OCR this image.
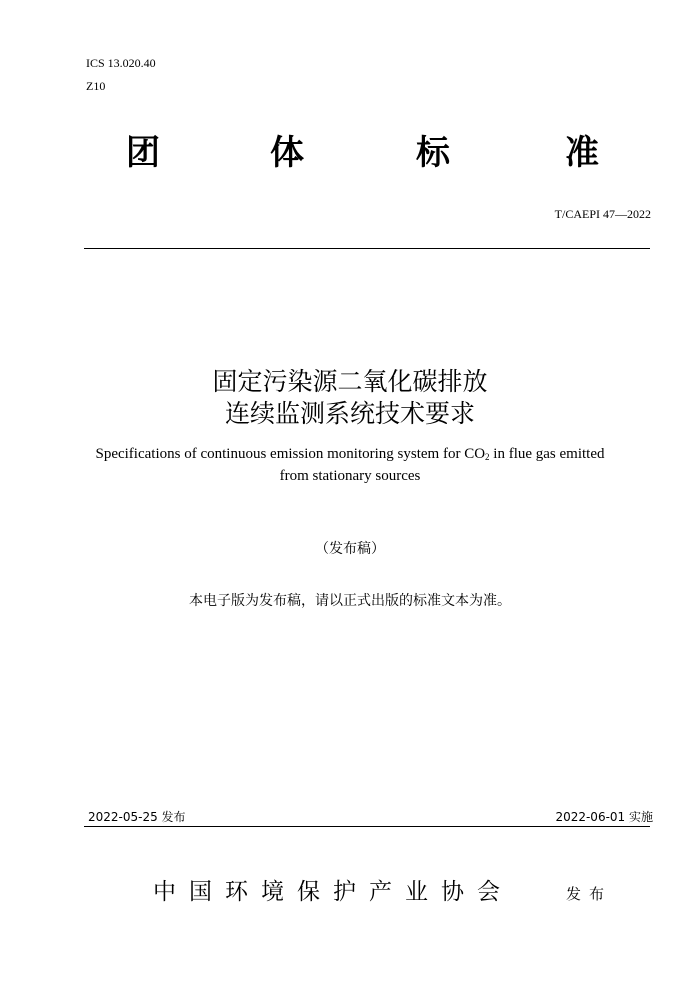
ICS 13.020.40
Z10
团	体	标	准
T/CAEPI 47—2022
固定污染源二氧化碳排放
连续监测系统技术要求
Specifications of continuous emission monitoring system for $CO_2$ in flue gas emitted
from stationary sources
（发布稿）
本电子版为发布稿，请以正式出版的标准文本为准。
2022-05-25 发布	2022-06-01 实施
中国环境保护产业协会	发布
